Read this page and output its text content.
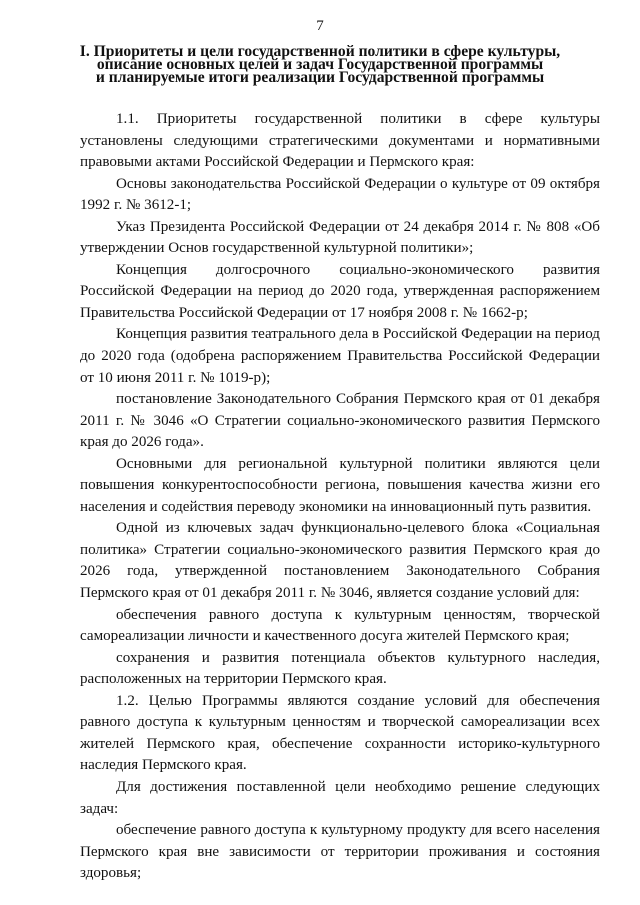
7
I. Приоритеты и цели государственной политики в сфере культуры,
описание основных целей и задач Государственной программы
и планируемые итоги реализации Государственной программы

1.1. Приоритеты государственной политики в сфере культуры установлены следующими стратегическими документами и нормативными правовыми актами Российской Федерации и Пермского края:

Основы законодательства Российской Федерации о культуре от 09 октября 1992 г. № 3612-1;

Указ Президента Российской Федерации от 24 декабря 2014 г. № 808 «Об утверждении Основ государственной культурной политики»;

Концепция долгосрочного социально-экономического развития Российской Федерации на период до 2020 года, утвержденная распоряжением Правительства Российской Федерации от 17 ноября 2008 г. № 1662-р;

Концепция развития театрального дела в Российской Федерации на период до 2020 года (одобрена распоряжением Правительства Российской Федерации от 10 июня 2011 г. № 1019-р);

постановление Законодательного Собрания Пермского края от 01 декабря 2011 г. № 3046 «О Стратегии социально-экономического развития Пермского края до 2026 года».

Основными для региональной культурной политики являются цели повышения конкурентоспособности региона, повышения качества жизни его населения и содействия переводу экономики на инновационный путь развития.

Одной из ключевых задач функционально-целевого блока «Социальная политика» Стратегии социально-экономического развития Пермского края до 2026 года, утвержденной постановлением Законодательного Собрания Пермского края от 01 декабря 2011 г. № 3046, является создание условий для:

обеспечения равного доступа к культурным ценностям, творческой самореализации личности и качественного досуга жителей Пермского края;

сохранения и развития потенциала объектов культурного наследия, расположенных на территории Пермского края.

1.2. Целью Программы являются создание условий для обеспечения равного доступа к культурным ценностям и творческой самореализации всех жителей Пермского края, обеспечение сохранности историко-культурного наследия Пермского края.

Для достижения поставленной цели необходимо решение следующих задач:

обеспечение равного доступа к культурному продукту для всего населения Пермского края вне зависимости от территории проживания и состояния здоровья;
